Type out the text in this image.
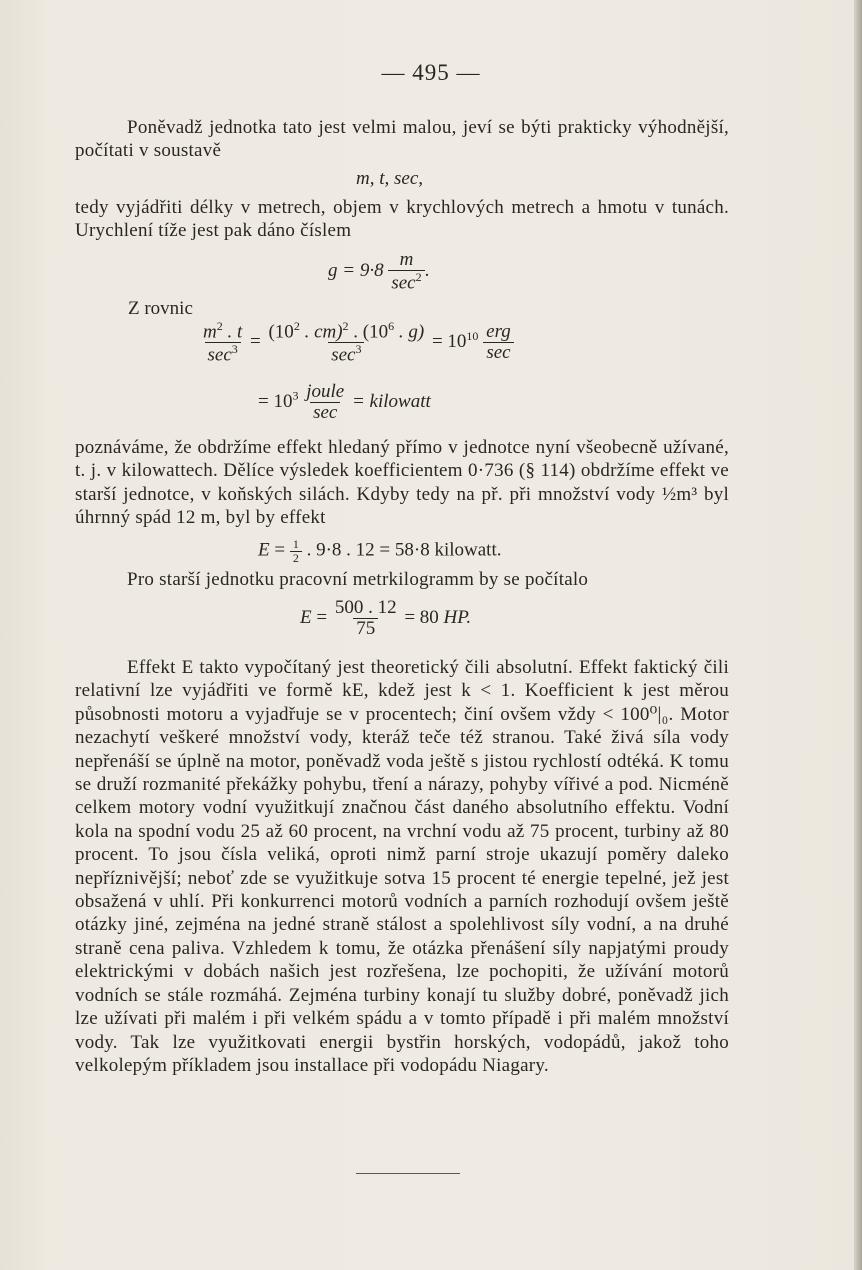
— 495 —

Poněvadž jednotka tato jest velmi malou, jeví se býti prakticky výhodnější, počítati v soustavě

m, t, sec,

tedy vyjádřiti délky v metrech, objem v krychlových metrech a hmotu v tunách. Urychlení tíže jest pak dáno číslem

$g = 9\cdot 8 \frac{m}{\sec^2}$ .
Z rovnic
$\frac{m^2 . t}{\sec^3} = \frac{(10^2 . cm)^2 . (10^6 . g)}{\sec^3} = 10^{10} \frac{\text{erg}}{\sec}$
= $10^3 \frac{\text{joule}}{\sec}$ = kilowatt

poznáváme, že obdržíme effekt hledaný přímo v jednotce nyní všeobecně užívané, t. j. v kilowattech. Dělíce výsledek koefficientem 0·736 (§ 114) obdržíme effekt ve starší jednotce, v koňských silách. Kdyby tedy na př. při množství vody ½m³ byl úhrnný spád 12 m, byl by effekt

$E = \frac{1}{2}$ . 9·8 . 12 = 58·8 kilowatt.

Pro starší jednotku pracovní metrkilogramm by se počítalo

$E = \frac{500 . 12}{75} = 80$ HP.

Effekt E takto vypočítaný jest theoretický čili absolutní. Effekt faktický čili relativní lze vyjádřiti ve formě kE, kdež jest k < 1. Koefficient k jest měrou působnosti motoru a vyjadřuje se v procentech; činí ovšem vždy < 100⁰|₀. Motor nezachytí veškeré množství vody, kteráž teče též stranou. Také živá síla vody nepřenáší se úplně na motor, poněvadž voda ještě s jistou rychlostí odtéká. K tomu se druží rozmanité překážky pohybu, tření a nárazy, pohyby vířivé a pod. Nicméně celkem motory vodní využitkují značnou část daného absolutního effektu. Vodní kola na spodní vodu 25 až 60 procent, na vrchní vodu až 75 procent, turbiny až 80 procent. To jsou čísla veliká, oproti nimž parní stroje ukazují poměry daleko nepříznivější; neboť zde se využitkuje sotva 15 procent té energie tepelné, jež jest obsažená v uhlí. Při konkurrenci motorů vodních a parních rozhodují ovšem ještě otázky jiné, zejména na jedné straně stálost a spolehlivost síly vodní, a na druhé straně cena paliva. Vzhledem k tomu, že otázka přenášení síly napjatými proudy elektrickými v dobách našich jest rozřešena, lze pochopiti, že užívání motorů vodních se stále rozmáhá. Zejména turbiny konají tu služby dobré, poněvadž jich lze užívati při malém i při velkém spádu a v tomto případě i při malém množství vody. Tak lze využitkovati energii bystřin horských, vodopádů, jakož toho velkolepým příkladem jsou installace při vodopádu Niagary.
